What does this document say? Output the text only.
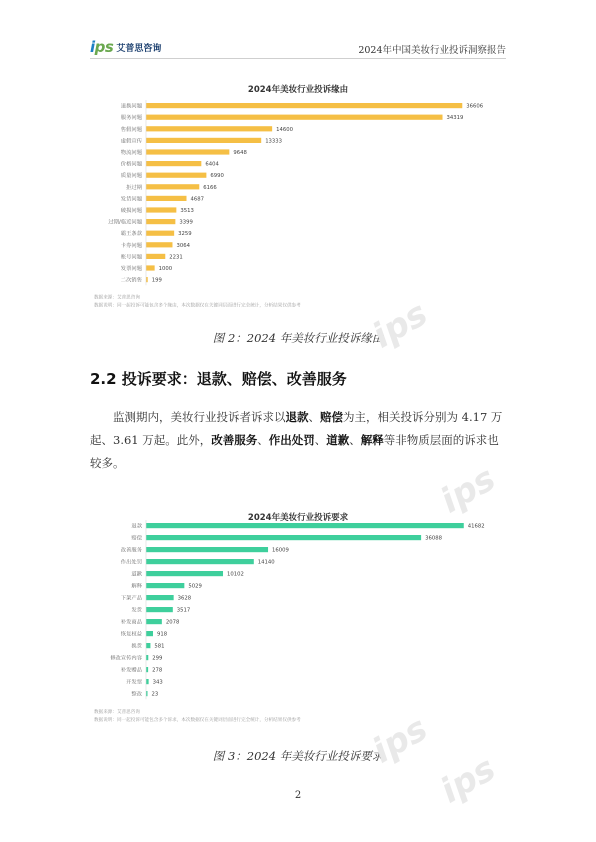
ips 艾普思咨询	2024年中国美妆行业投诉洞察报告
2024年美妆行业投诉缘由
退换问题	36606
服务问题	34319
售假问题	14600
虚假宣传	13333
物流问题	9648
价格问题	6404
质量问题	6990
拒过期	6166
发货问题	4687
破损问题	3513
过期/临近问题	3399
霸王条款	3259
卡券问题	3064
账号问题	2231
发票问题	1000
二次销售 199
数据来源：艾普思咨询
数据说明：同一起投诉可能包含多个缘由，本次数据仅在关键词层面进行完全统计，分析结果仅供参考
图 2：2024 年美妆行业投诉缘由
2.2 投诉要求：退款、赔偿、改善服务

监测期内，美妆行业投诉者诉求以退款、赔偿为主，相关投诉分别为 4.17 万起、3.61 万起。此外，改善服务、作出处罚、道歉、解释等非物质层面的诉求也较多。

2024年美妆行业投诉要求
退款	41682
赔偿	36088
改善服务	16009
作出处罚	14140
道歉	10102
解释	5029
下架产品	3628
发货	3517
补发商品	2078
恢复权益	918
换货 581
修改宣传内容 299
补发赠品 278
开发票 343
整改 23
数据来源：艾普思咨询
数据说明：同一起投诉可能包含多个诉求，本次数据仅在关键词层面进行完全统计，分析结果仅供参考
图 3：2024 年美妆行业投诉要求
2
ips
ips
ips
ips
